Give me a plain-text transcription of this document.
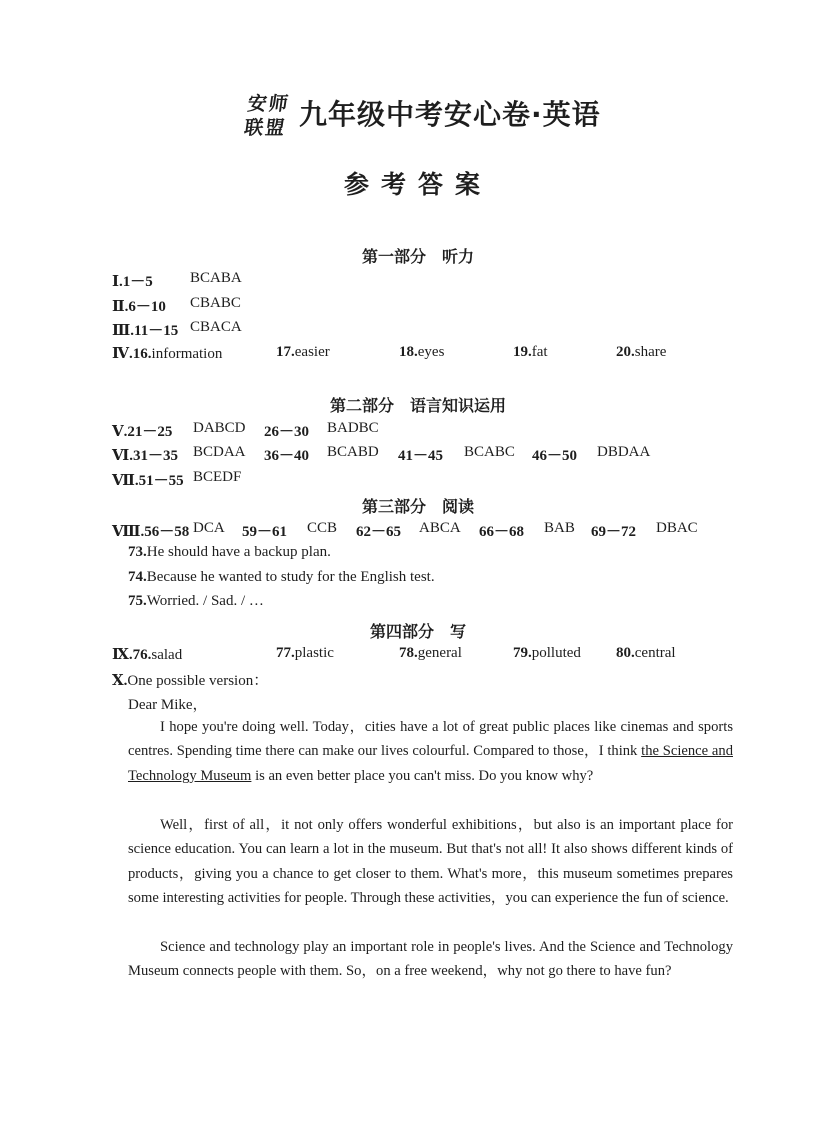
安师
联盟 九年级中考安心卷·英语
参考答案
第一部分　听力
Ⅰ.1－5 BCABA
Ⅱ.6－10 CBABC
Ⅲ.11－15 CBACA
Ⅳ.16.information	17.easier	18.eyes	19.fat	20.share
第二部分　语言知识运用
Ⅴ.21－25 DABCD 26－30 BADBC
Ⅵ.31－35 BCDAA 36－40 BCABD 41－45 BCABC 46－50 DBDAA
Ⅶ.51－55 BCEDF
第三部分　阅读
Ⅷ.56－58 DCA 59－61 CCB 62－65 ABCA 66－68 BAB 69－72 DBAC
73.He should have a backup plan.
74.Because he wanted to study for the English test.
75.Worried. / Sad. / …
第四部分　写
Ⅸ.76.salad	77.plastic	78.general	79.polluted 80.central
Ⅹ.One possible version：
Dear Mike，
I hope you're doing well. Today，cities have a lot of great public places like cinemas and sports centres. Spending time there can make our lives colourful. Compared to those，I think the Science and Technology Museum is an even better place you can't miss. Do you know why?
Well，first of all，it not only offers wonderful exhibitions，but also is an important place for science education. You can learn a lot in the museum. But that's not all! It also shows different kinds of products，giving you a chance to get closer to them. What's more，this museum sometimes prepares some interesting activities for people. Through these activities，you can experience the fun of science.
Science and technology play an important role in people's lives. And the Science and Technology Museum connects people with them. So，on a free weekend，why not go there to have fun?
